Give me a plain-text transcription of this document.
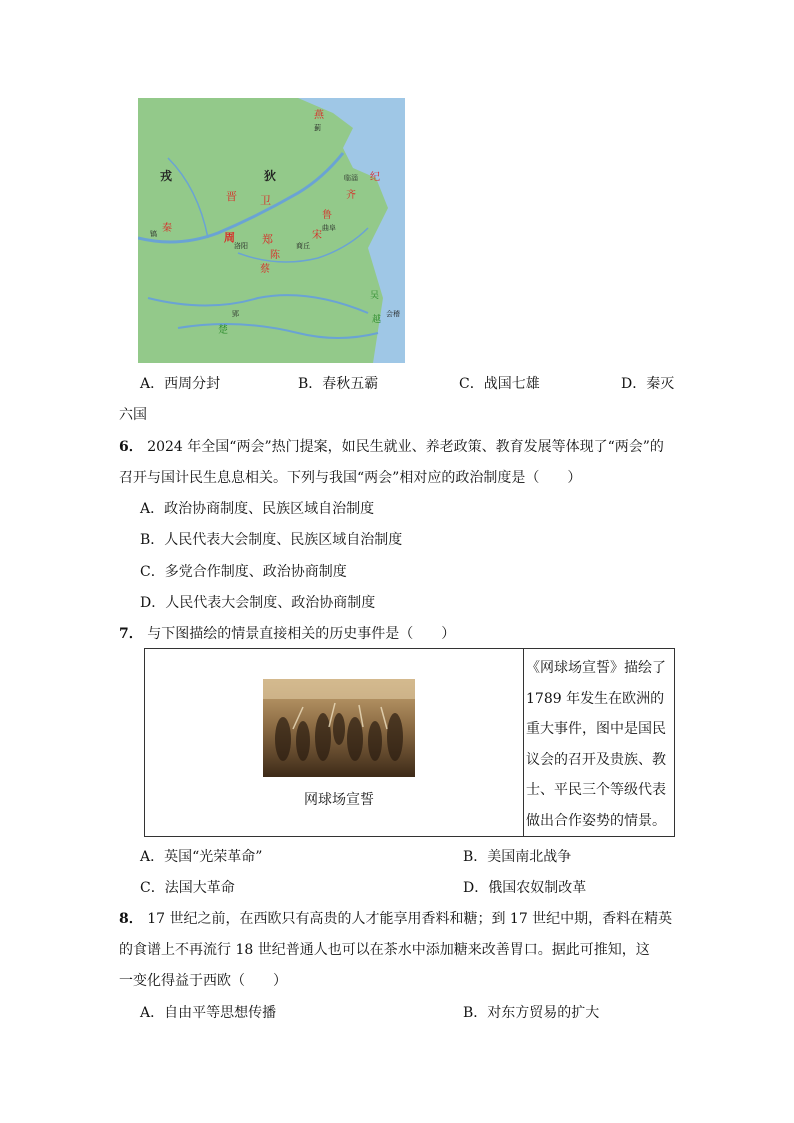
燕
蓟
狄
戎
晋 卫
纪
临淄
齐
鲁
曲阜
秦
镐	周
洛阳 郑	宋
商丘
陈
蔡
吴
越
会稽
楚
郢
A．西周分封	B．春秋五霸	C．战国七雄	D．秦灭
六国
6． 2024 年全国“两会”热门提案，如民生就业、养老政策、教育发展等体现了“两会”的
召开与国计民生息息相关。下列与我国“两会”相对应的政治制度是（　　）
A．政治协商制度、民族区域自治制度
B．人民代表大会制度、民族区域自治制度
C．多党合作制度、政治协商制度
D．人民代表大会制度、政治协商制度
7． 与下图描绘的情景直接相关的历史事件是（　　）
网球场宣誓
《网球场宣誓》描绘了
1789 年发生在欧洲的
重大事件，图中是国民
议会的召开及贵族、教
士、平民三个等级代表
做出合作姿势的情景。
A．英国“光荣革命”	B．美国南北战争
C．法国大革命	D．俄国农奴制改革
8． 17 世纪之前，在西欧只有高贵的人才能享用香料和糖；到 17 世纪中期，香料在精英
的食谱上不再流行 18 世纪普通人也可以在茶水中添加糖来改善胃口。据此可推知，这
一变化得益于西欧（　　）
A．自由平等思想传播	B．对东方贸易的扩大
